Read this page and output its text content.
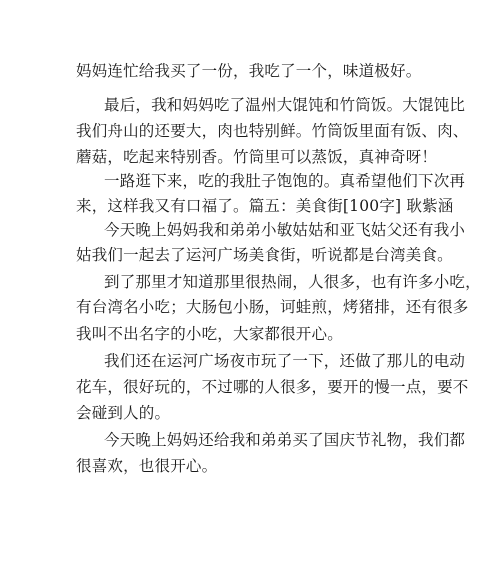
妈妈连忙给我买了一份，我吃了一个，味道极好。
最后，我和妈妈吃了温州大馄饨和竹筒饭。大馄饨比
我们舟山的还要大，肉也特别鲜。竹筒饭里面有饭、肉、
蘑菇，吃起来特别香。竹筒里可以蒸饭，真神奇呀！
一路逛下来，吃的我肚子饱饱的。真希望他们下次再
来，这样我又有口福了。篇五：美食街[100字] 耿紫涵
今天晚上妈妈我和弟弟小敏姑姑和亚飞姑父还有我小
姑我们一起去了运河广场美食街，听说都是台湾美食。
到了那里才知道那里很热闹，人很多，也有许多小吃，
有台湾名小吃；大肠包小肠，诃蛙煎，烤猪排，还有很多
我叫不出名字的小吃，大家都很开心。
我们还在运河广场夜市玩了一下，还做了那儿的电动
花车，很好玩的，不过哪的人很多，要开的慢一点，要不
会碰到人的。
今天晚上妈妈还给我和弟弟买了国庆节礼物，我们都
很喜欢，也很开心。
